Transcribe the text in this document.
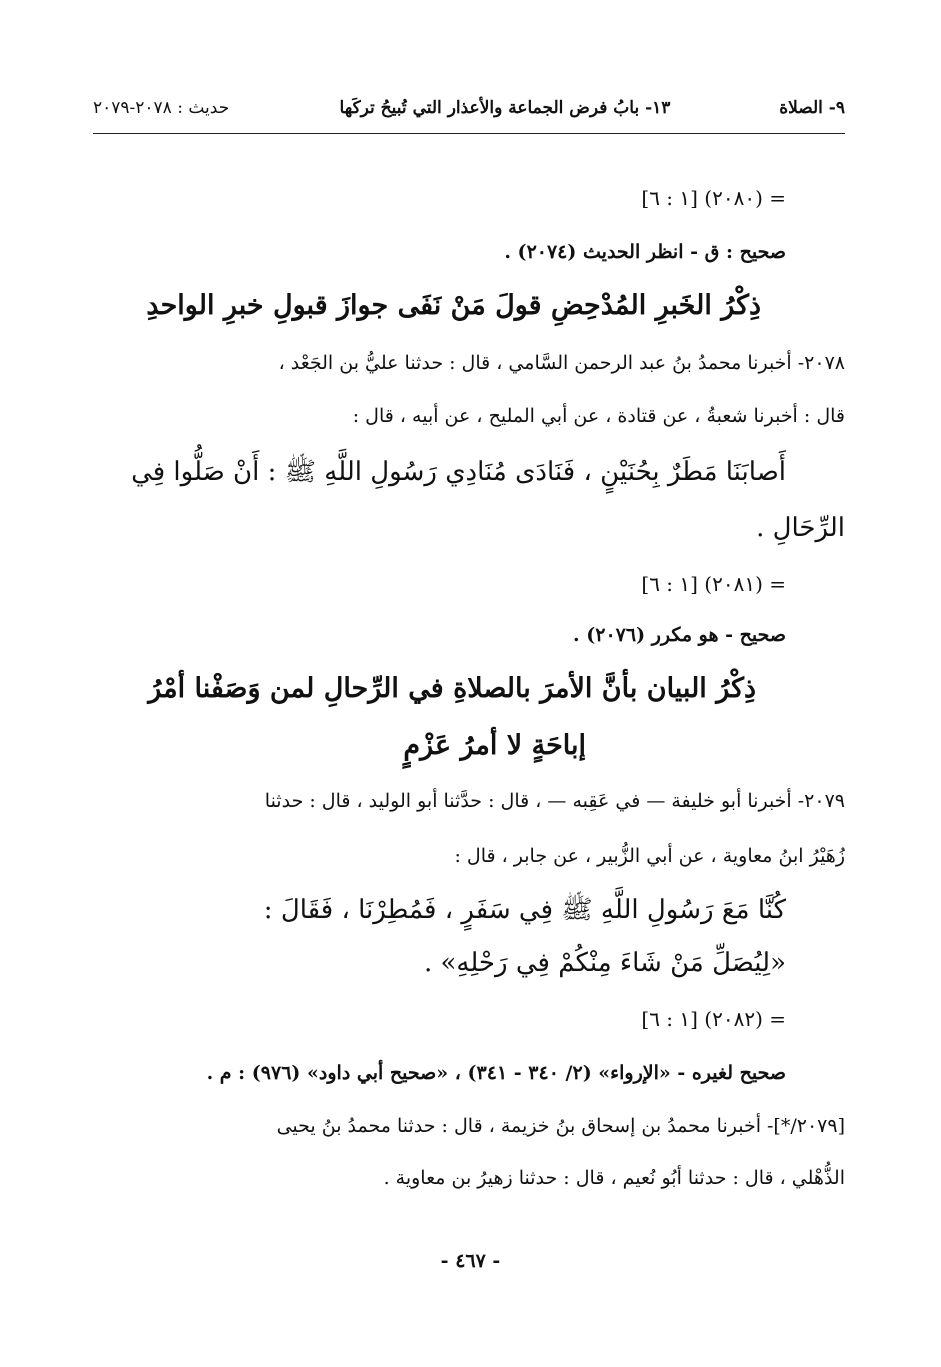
٩- الصلاة
١٣- بابُ فرض الجماعة والأعذار التي تُبيحُ تركَها
حديث : ٢٠٧٨-٢٠٧٩
= (٢٠٨٠) [١ : ٦]
صحيح : ق - انظر الحديث (٢٠٧٤) .
ذِكْرُ الخَبرِ المُدْحِضِ قولَ مَنْ نَفَى جوازَ قبولِ خبرِ الواحدِ
٢٠٧٨- أخبرنا محمدُ بنُ عبد الرحمن السَّامي ، قال : حدثنا عليُّ بن الجَعْد ،
قال : أخبرنا شعبةُ ، عن قتادة ، عن أبي المليح ، عن أبيه ، قال :
أَصابَنَا مَطَرٌ بِحُنَيْنٍ ، فَنَادَى مُنَادِي رَسُولِ اللَّهِ ﷺ : أَنْ صَلُّوا فِي
الرِّحَالِ .
= (٢٠٨١) [١ : ٦]
صحيح - هو مكرر (٢٠٧٦) .
ذِكْرُ البيان بأنَّ الأمرَ بالصلاةِ في الرِّحالِ لمن وَصَفْنا أمْرُ
إباحَةٍ لا أمرُ عَزْمٍ
٢٠٧٩- أخبرنا أبو خليفة — في عَقِبه — ، قال : حدَّثنا أبو الوليد ، قال : حدثنا
زُهَيْرُ ابنُ معاوية ، عن أبي الزُّبير ، عن جابر ، قال :
كُنَّا مَعَ رَسُولِ اللَّهِ ﷺ فِي سَفَرٍ ، فَمُطِرْنَا ، فَقَالَ :
«لِيُصَلِّ مَنْ شَاءَ مِنْكُمْ فِي رَحْلِهِ» .
= (٢٠٨٢) [١ : ٦]
صحيح لغيره - «الإرواء» (٢/ ٣٤٠ - ٣٤١) ، «صحيح أبي داود» (٩٧٦) : م .
[٢٠٧٩/*]- أخبرنا محمدُ بن إسحاق بنُ خزيمة ، قال : حدثنا محمدُ بنُ يحيى
الذُّهْلي ، قال : حدثنا أبُو نُعيم ، قال : حدثنا زهيرُ بن معاوية .
- ٤٦٧ -
